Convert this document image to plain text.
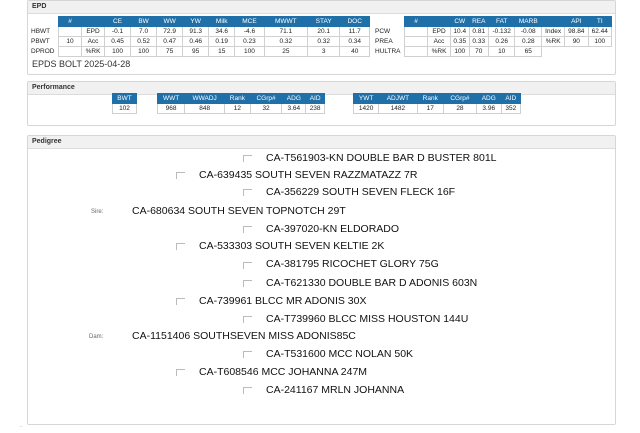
EPD
	#		CE	BW	WW	YW	Milk	MCE	MWWT	STAY	DOC
HBWT		EPD	-0.1	7.0	72.9	91.3	34.6	-4.6	71.1	20.1	11.7
PBWT	10	Acc	0.45	0.52	0.47	0.46	0.19	0.23	0.32	0.32	0.34
DPROD		%RK	100	100	75	95	15	100	25	3	40
	#		CW	REA	FAT	MARB		API	TI
PCW		EPD	10.4	0.81	-0.132	-0.08	Index	98.84	62.44
PREA		Acc	0.35	0.33	0.26	0.28	%RK	90	100
HULTRA		%RK	100	70	10	65			
EPDS BOLT 2025-04-28
Performance
BWT
102
WWT	WWADJ	Rank	CGrp#	ADG	AID
968	848	12	32	3.64	238
YWT	ADJWT	Rank	CGrp#	ADG	AID
1420	1482	17	28	3.96	352
Pedigree
CA-T561903-KN DOUBLE BAR D BUSTER 801L
CA-639435 SOUTH SEVEN RAZZMATAZZ 7R
CA-356229 SOUTH SEVEN FLECK 16F
Sire:	CA-680634 SOUTH SEVEN TOPNOTCH 29T
CA-397020-KN ELDORADO
CA-533303 SOUTH SEVEN KELTIE 2K
CA-381795 RICOCHET GLORY 75G
CA-T621330 DOUBLE BAR D ADONIS 603N
CA-739961 BLCC MR ADONIS 30X
CA-T739960 BLCC MISS HOUSTON 144U
Dam:	CA-1151406 SOUTHSEVEN MISS ADONIS85C
CA-T531600 MCC NOLAN 50K
CA-T608546 MCC JOHANNA 247M
CA-241167 MRLN JOHANNA
··
